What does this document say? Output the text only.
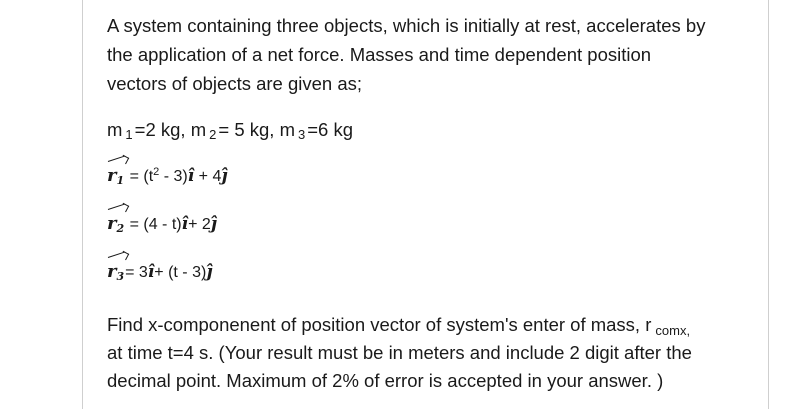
A system containing three objects, which is initially at rest, accelerates by
the application of a net force. Masses and time dependent position
vectors of objects are given as;
m $_1$ =2 kg, m $_2$ = 5 kg, m $_3$ =6 kg
$r1 = (t^2$ - 3)î + 4ĵ
r2 = (4 - t)î+ 2ĵ
r3= 3î+ (t - 3)ĵ
Find x-componenent of position vector of system's enter of mass, r $_{comx,}$
at time t=4 s. (Your result must be in meters and include 2 digit after the
decimal point. Maximum of 2% of error is accepted in your answer. )
